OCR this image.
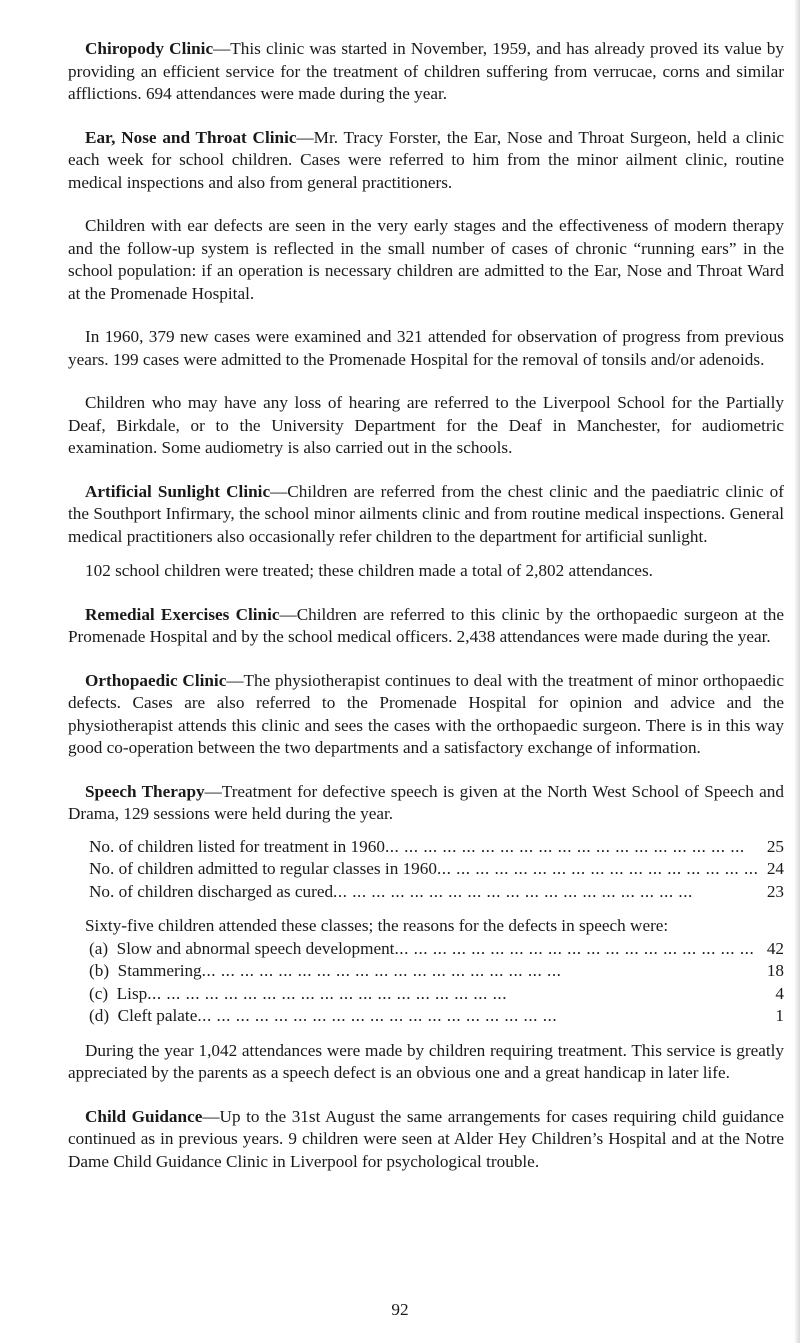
Chiropody Clinic—This clinic was started in November, 1959, and has already proved its value by providing an efficient service for the treatment of children suffering from verrucae, corns and similar afflictions. 694 attendances were made during the year.

Ear, Nose and Throat Clinic—Mr. Tracy Forster, the Ear, Nose and Throat Surgeon, held a clinic each week for school children. Cases were referred to him from the minor ailment clinic, routine medical inspections and also from general practitioners.

Children with ear defects are seen in the very early stages and the effectiveness of modern therapy and the follow-up system is reflected in the small number of cases of chronic “running ears” in the school population: if an operation is necessary children are admitted to the Ear, Nose and Throat Ward at the Promenade Hospital.

In 1960, 379 new cases were examined and 321 attended for observation of progress from previous years. 199 cases were admitted to the Promenade Hospital for the removal of tonsils and/or adenoids.

Children who may have any loss of hearing are referred to the Liverpool School for the Partially Deaf, Birkdale, or to the University Department for the Deaf in Manchester, for audiometric examination. Some audiometry is also carried out in the schools.

Artificial Sunlight Clinic—Children are referred from the chest clinic and the paediatric clinic of the Southport Infirmary, the school minor ailments clinic and from routine medical inspections. General medical practitioners also occasionally refer children to the department for artificial sunlight.

102 school children were treated; these children made a total of 2,802 attendances.

Remedial Exercises Clinic—Children are referred to this clinic by the orthopaedic surgeon at the Promenade Hospital and by the school medical officers. 2,438 attendances were made during the year.

Orthopaedic Clinic—The physiotherapist continues to deal with the treatment of minor orthopaedic defects. Cases are also referred to the Promenade Hospital for opinion and advice and the physiotherapist attends this clinic and sees the cases with the orthopaedic surgeon. There is in this way good co-operation between the two departments and a satisfactory exchange of information.

Speech Therapy—Treatment for defective speech is given at the North West School of Speech and Drama, 129 sessions were held during the year.

No. of children listed for treatment in 1960 ... .	25
No. of children admitted to regular classes in 1960 ... .	24
No. of children discharged as cured ... .	23

Sixty-five children attended these classes; the reasons for the defects in speech were:

(a)  Slow and abnormal speech development ... .	42
(b)  Stammering ... .	18
(c)  Lisp ... .	4
(d)  Cleft palate ... .	1

During the year 1,042 attendances were made by children requiring treatment. This service is greatly appreciated by the parents as a speech defect is an obvious one and a great handicap in later life.

Child Guidance—Up to the 31st August the same arrangements for cases requiring child guidance continued as in previous years. 9 children were seen at Alder Hey Children’s Hospital and at the Notre Dame Child Guidance Clinic in Liverpool for psychological trouble.

92
